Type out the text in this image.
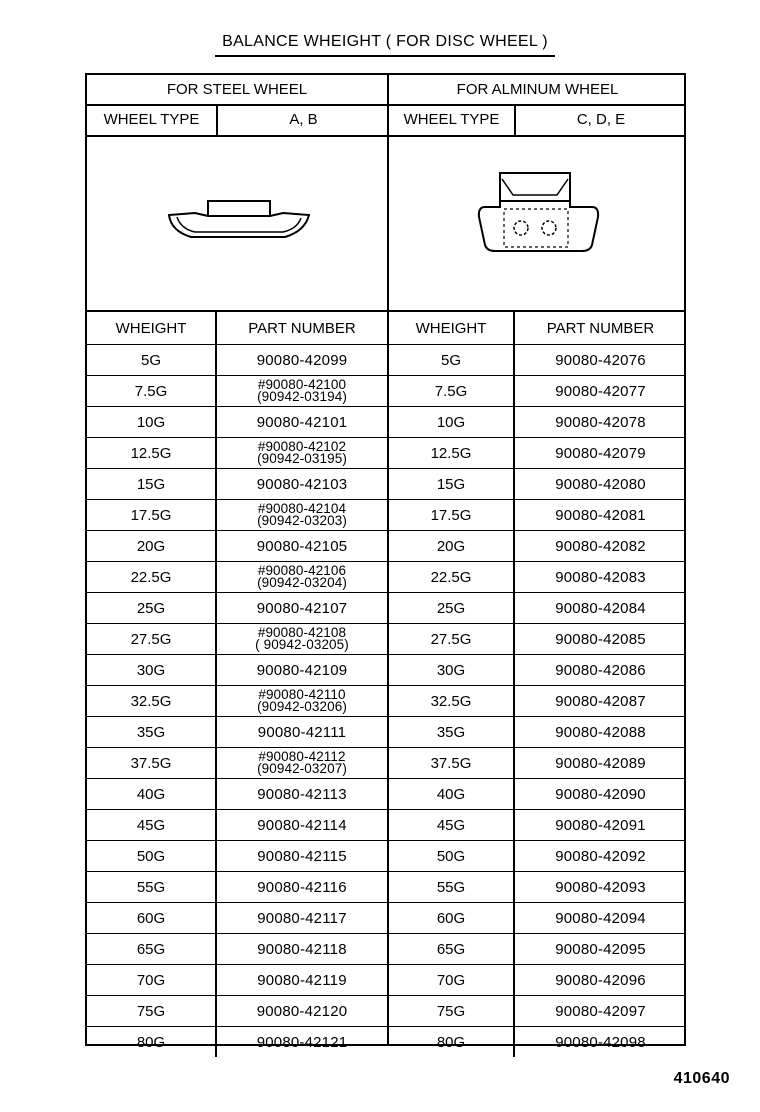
BALANCE WHEIGHT ( FOR DISC WHEEL )
FOR STEEL WHEEL
WHEEL TYPE	A, B
WHEIGHT	PART NUMBER
5G	90080-42099
7.5G	#90080-42100
(90942-03194)

10G	90080-42101
12.5G	#90080-42102
(90942-03195)

15G	90080-42103
17.5G	#90080-42104
(90942-03203)

20G	90080-42105
22.5G	#90080-42106
(90942-03204)

25G	90080-42107
27.5G	#90080-42108
( 90942-03205)

30G	90080-42109
32.5G	#90080-42110
(90942-03206)

35G	90080-42111
37.5G	#90080-42112
(90942-03207)

40G	90080-42113
45G	90080-42114
50G	90080-42115
55G	90080-42116
60G	90080-42117
65G	90080-42118
70G	90080-42119
75G	90080-42120
80G	90080-42121
FOR ALMINUM WHEEL
WHEEL TYPE	C, D, E
WHEIGHT	PART NUMBER
5G	90080-42076
7.5G	90080-42077
10G	90080-42078
12.5G	90080-42079
15G	90080-42080
17.5G	90080-42081
20G	90080-42082
22.5G	90080-42083
25G	90080-42084
27.5G	90080-42085
30G	90080-42086
32.5G	90080-42087
35G	90080-42088
37.5G	90080-42089
40G	90080-42090
45G	90080-42091
50G	90080-42092
55G	90080-42093
60G	90080-42094
65G	90080-42095
70G	90080-42096
75G	90080-42097
80G	90080-42098
410640
